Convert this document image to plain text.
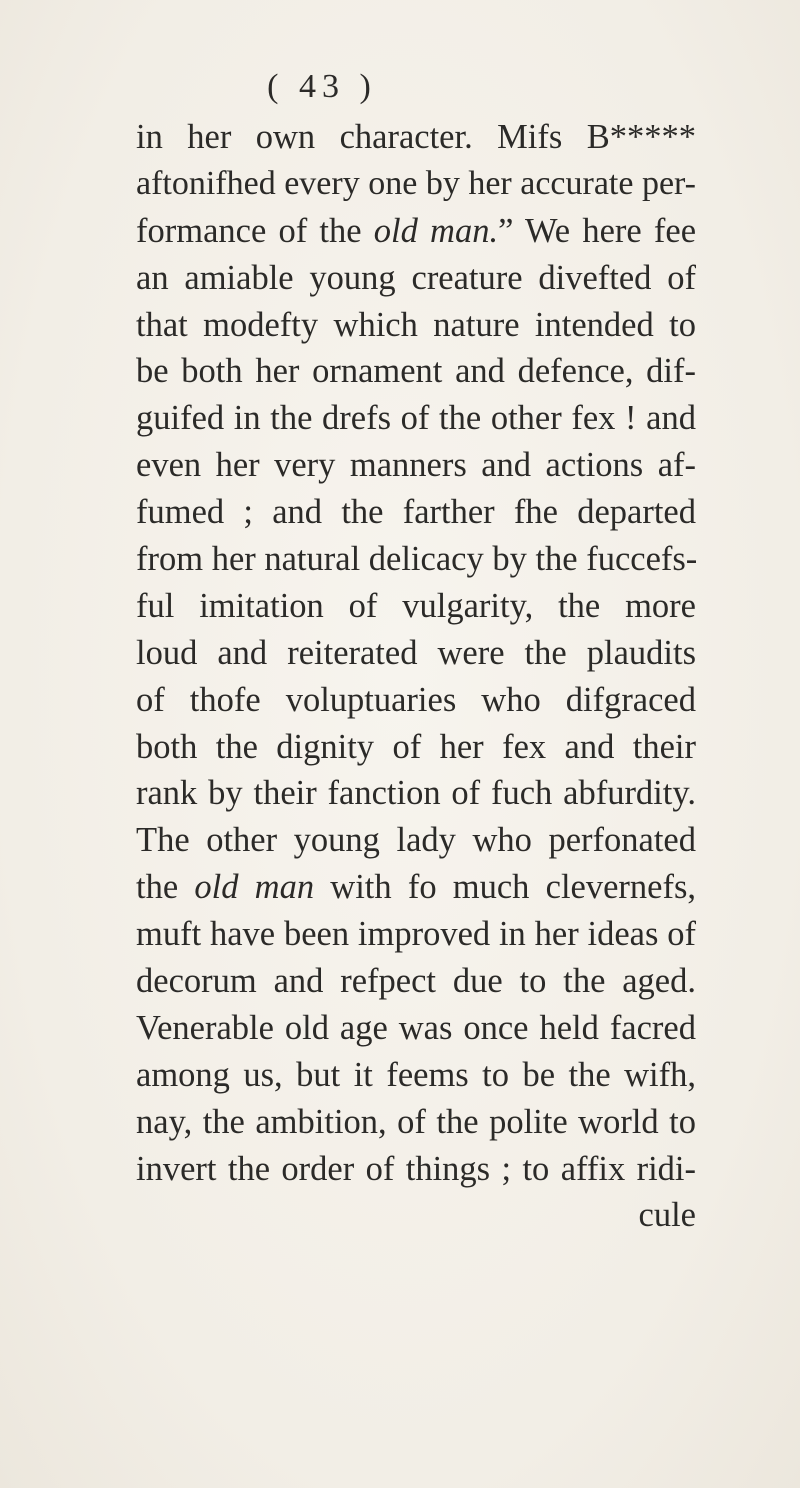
( 43 )
in her own character. Mifs B*****
aftonifhed every one by her accurate per-
formance of the old man.” We here fee
an amiable young creature divefted of
that modefty which nature intended to
be both her ornament and defence, dif-
guifed in the drefs of the other fex ! and
even her very manners and actions af-
fumed ; and the farther fhe departed
from her natural delicacy by the fuccefs-
ful imitation of vulgarity, the more
loud and reiterated were the plaudits
of thofe voluptuaries who difgraced
both the dignity of her fex and their
rank by their fanction of fuch abfurdity.
The other young lady who perfonated
the old man with fo much clevernefs,
muft have been improved in her ideas of
decorum and refpect due to the aged.
Venerable old age was once held facred
among us, but it feems to be the wifh,
nay, the ambition, of the polite world to
invert the order of things ; to affix ridi-
cule
